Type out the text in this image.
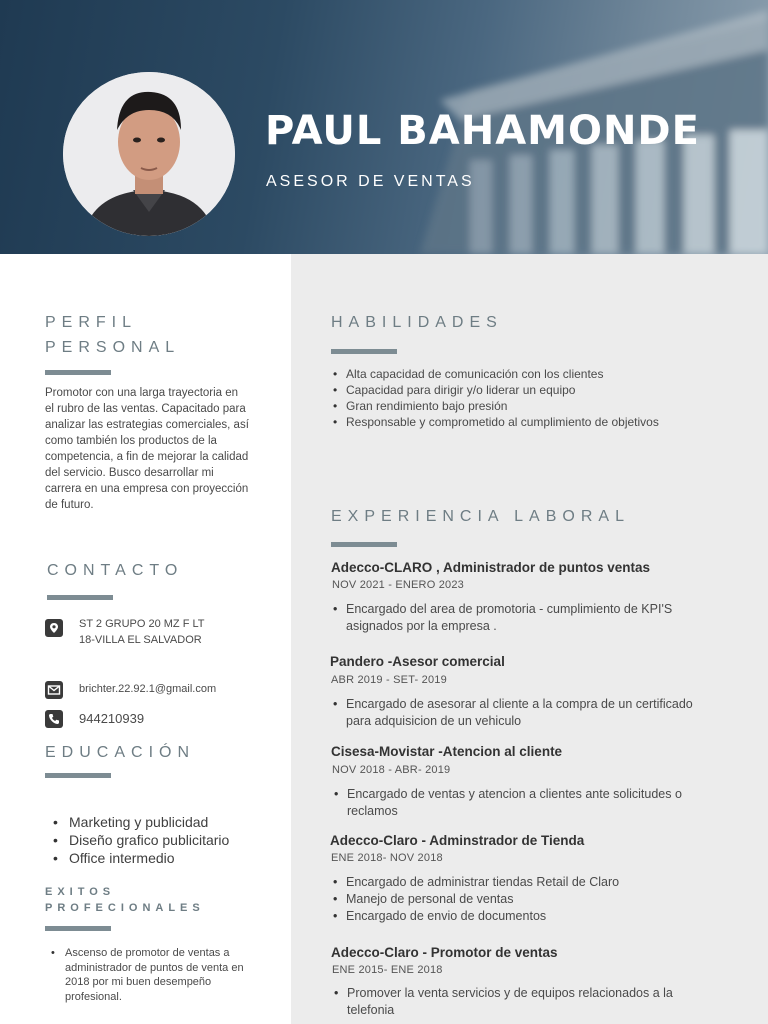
PAUL BAHAMONDE
ASESOR DE VENTAS
PERFIL
PERSONAL
Promotor con una larga trayectoria en el rubro de las ventas. Capacitado para analizar las estrategias comerciales, así como también los productos de la competencia, a fin de mejorar la calidad del servicio. Busco desarrollar mi carrera en una empresa con proyección de futuro.
CONTACTO
ST 2 GRUPO 20 MZ F LT
18-VILLA EL SALVADOR
brichter.22.92.1@gmail.com
944210939
EDUCACIÓN
• Marketing y publicidad
• Diseño grafico publicitario
• Office intermedio
EXITOS
PROFECIONALES
• Ascenso de promotor de ventas a administrador de puntos de venta en 2018 por mi buen desempeño profesional.
HABILIDADES
• Alta capacidad de comunicación con los clientes
• Capacidad para dirigir y/o liderar un equipo
• Gran rendimiento bajo presión
• Responsable y comprometido al cumplimiento de objetivos
EXPERIENCIA LABORAL
Adecco-CLARO , Administrador de puntos ventas
NOV 2021 - ENERO 2023
• Encargado del area de promotoria - cumplimiento de KPI'S asignados por la empresa .
Pandero -Asesor comercial
ABR 2019 - SET- 2019
• Encargado de asesorar al cliente a la compra de un certificado para adquisicion de un vehiculo
Cisesa-Movistar -Atencion al cliente
NOV 2018 - ABR- 2019
• Encargado de ventas y atencion a clientes ante solicitudes o reclamos
Adecco-Claro - Adminstrador de Tienda
ENE 2018- NOV 2018
• Encargado de administrar tiendas Retail de Claro
• Manejo de personal de ventas
• Encargado de envio de documentos
Adecco-Claro - Promotor de ventas
ENE 2015- ENE 2018
• Promover la venta servicios y de equipos relacionados a la telefonia
